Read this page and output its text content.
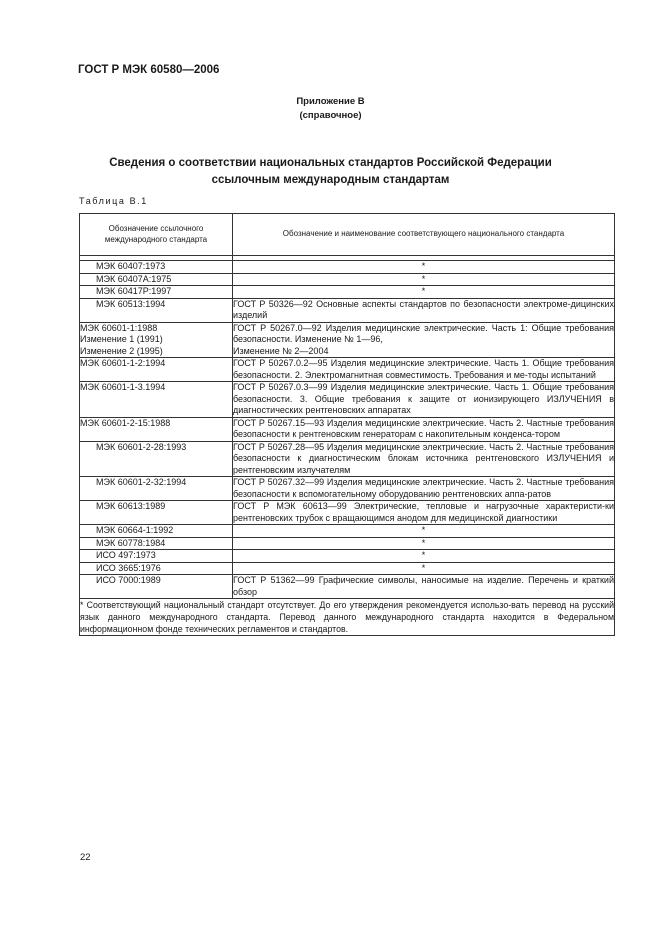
ГОСТ Р МЭК 60580—2006
Приложение В
(справочное)
Сведения о соответствии национальных стандартов Российской Федерации
ссылочным международным стандартам
Таблица В.1
Обозначение ссылочного международного стандарта	Обозначение и наименование соответствующего национального стандарта

МЭК 60407:1973	*
МЭК 60407A:1975	*
МЭК 60417P:1997	*
МЭК 60513:1994	ГОСТ Р 50326—92 Основные аспекты стандартов по безопасности электроме-дицинских изделий
МЭК 60601-1:1988
Изменение 1 (1991)
Изменение 2 (1995)	ГОСТ Р 50267.0—92 Изделия медицинские электрические. Часть 1: Общие требования безопасности. Изменение № 1—96,
Изменение № 2—2004
МЭК 60601-1-2:1994	ГОСТ Р 50267.0.2—95 Изделия медицинские электрические. Часть 1. Общие требования безопасности. 2. Электромагнитная совместимость. Требования и ме-тоды испытаний
МЭК 60601-1-3.1994	ГОСТ Р 50267.0.3—99 Изделия медицинские электрические. Часть 1. Общие требования безопасности. 3. Общие требования к защите от ионизирующего ИЗЛУЧЕНИЯ в диагностических рентгеновских аппаратах
МЭК 60601-2-15:1988	ГОСТ Р 50267.15—93 Изделия медицинские электрические. Часть 2. Частные требования безопасности к рентгеновским генераторам с накопительным конденса-тором
МЭК 60601-2-28:1993	ГОСТ Р 50267.28—95 Изделия медицинские электрические. Часть 2. Частные требования безопасности к диагностическим блокам источника рентгеновского ИЗЛУЧЕНИЯ и рентгеновским излучателям
МЭК 60601-2-32:1994	ГОСТ Р 50267.32—99 Изделия медицинские электрические. Часть 2. Частные требования безопасности к вспомогательному оборудованию рентгеновских аппа-ратов
МЭК 60613:1989	ГОСТ Р МЭК 60613—99 Электрические, тепловые и нагрузочные характеристи-ки рентгеновских трубок с вращающимся анодом для медицинской диагностики
МЭК 60664-1:1992	*
МЭК 60778:1984	*
ИСО 497:1973	*
ИСО 3665:1976	*
ИСО 7000:1989	ГОСТ Р 51362—99 Графические символы, наносимые на изделие. Перечень и краткий обзор
* Соответствующий национальный стандарт отсутствует. До его утверждения рекомендуется использо-вать перевод на русский язык данного международного стандарта. Перевод данного международного стандарта находится в Федеральном информационном фонде технических регламентов и стандартов.	
22
